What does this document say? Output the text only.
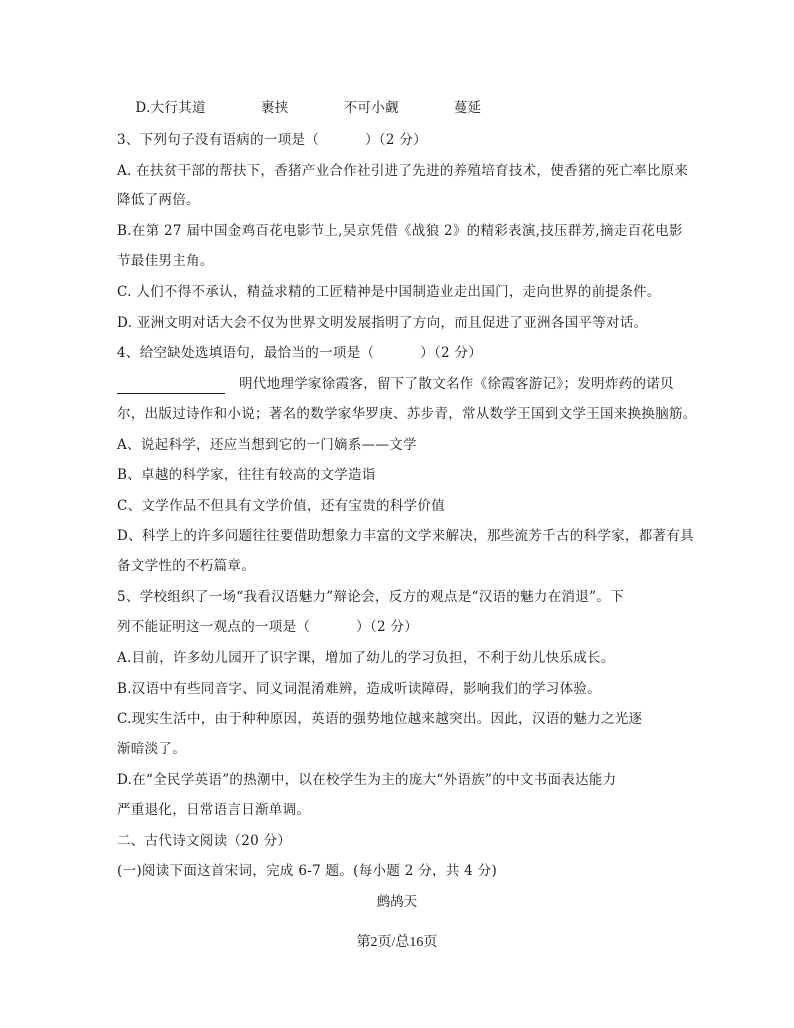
D.大行其道            裹挟            不可小觑            蔓延
3、下列句子没有语病的一项是（          ）（2 分）
A. 在扶贫干部的帮扶下，香猪产业合作社引进了先进的养殖培育技术，使香猪的死亡率比原来
降低了两倍。
B.在第 27 届中国金鸡百花电影节上,吴京凭借《战狼 2》的精彩表演,技压群芳,摘走百花电影
节最佳男主角。
C. 人们不得不承认，精益求精的工匠精神是中国制造业走出国门，走向世界的前提条件。
D. 亚洲文明对话大会不仅为世界文明发展指明了方向，而且促进了亚洲各国平等对话。
4、给空缺处选填语句，最恰当的一项是（          ）（2 分）
明代地理学家徐霞客，留下了散文名作《徐霞客游记》；发明炸药的诺贝
尔，出版过诗作和小说；著名的数学家华罗庚、苏步青，常从数学王国到文学王国来换换脑筋。
A、说起科学，还应当想到它的一门嫡系——文学
B、卓越的科学家，往往有较高的文学造诣
C、文学作品不但具有文学价值，还有宝贵的科学价值
D、科学上的许多问题往往要借助想象力丰富的文学来解决，那些流芳千古的科学家，都著有具
备文学性的不朽篇章。
5、学校组织了一场“我看汉语魅力”辩论会，反方的观点是“汉语的魅力在消退”。下
列不能证明这一观点的一项是（          ）（2 分）
A.目前，许多幼儿园开了识字课，增加了幼儿的学习负担，不利于幼儿快乐成长。
B.汉语中有些同音字、同义词混淆难辨，造成听读障碍，影响我们的学习体验。
C.现实生活中，由于种种原因，英语的强势地位越来越突出。因此，汉语的魅力之光逐
渐暗淡了。
D.在“全民学英语”的热潮中，以在校学生为主的庞大“外语族”的中文书面表达能力
严重退化，日常语言日渐单调。
二、古代诗文阅读（20 分）
(一)阅读下面这首宋词，完成 6-7 题。(每小题 2 分，共 4 分)
鹧鸪天
第2页/总16页
